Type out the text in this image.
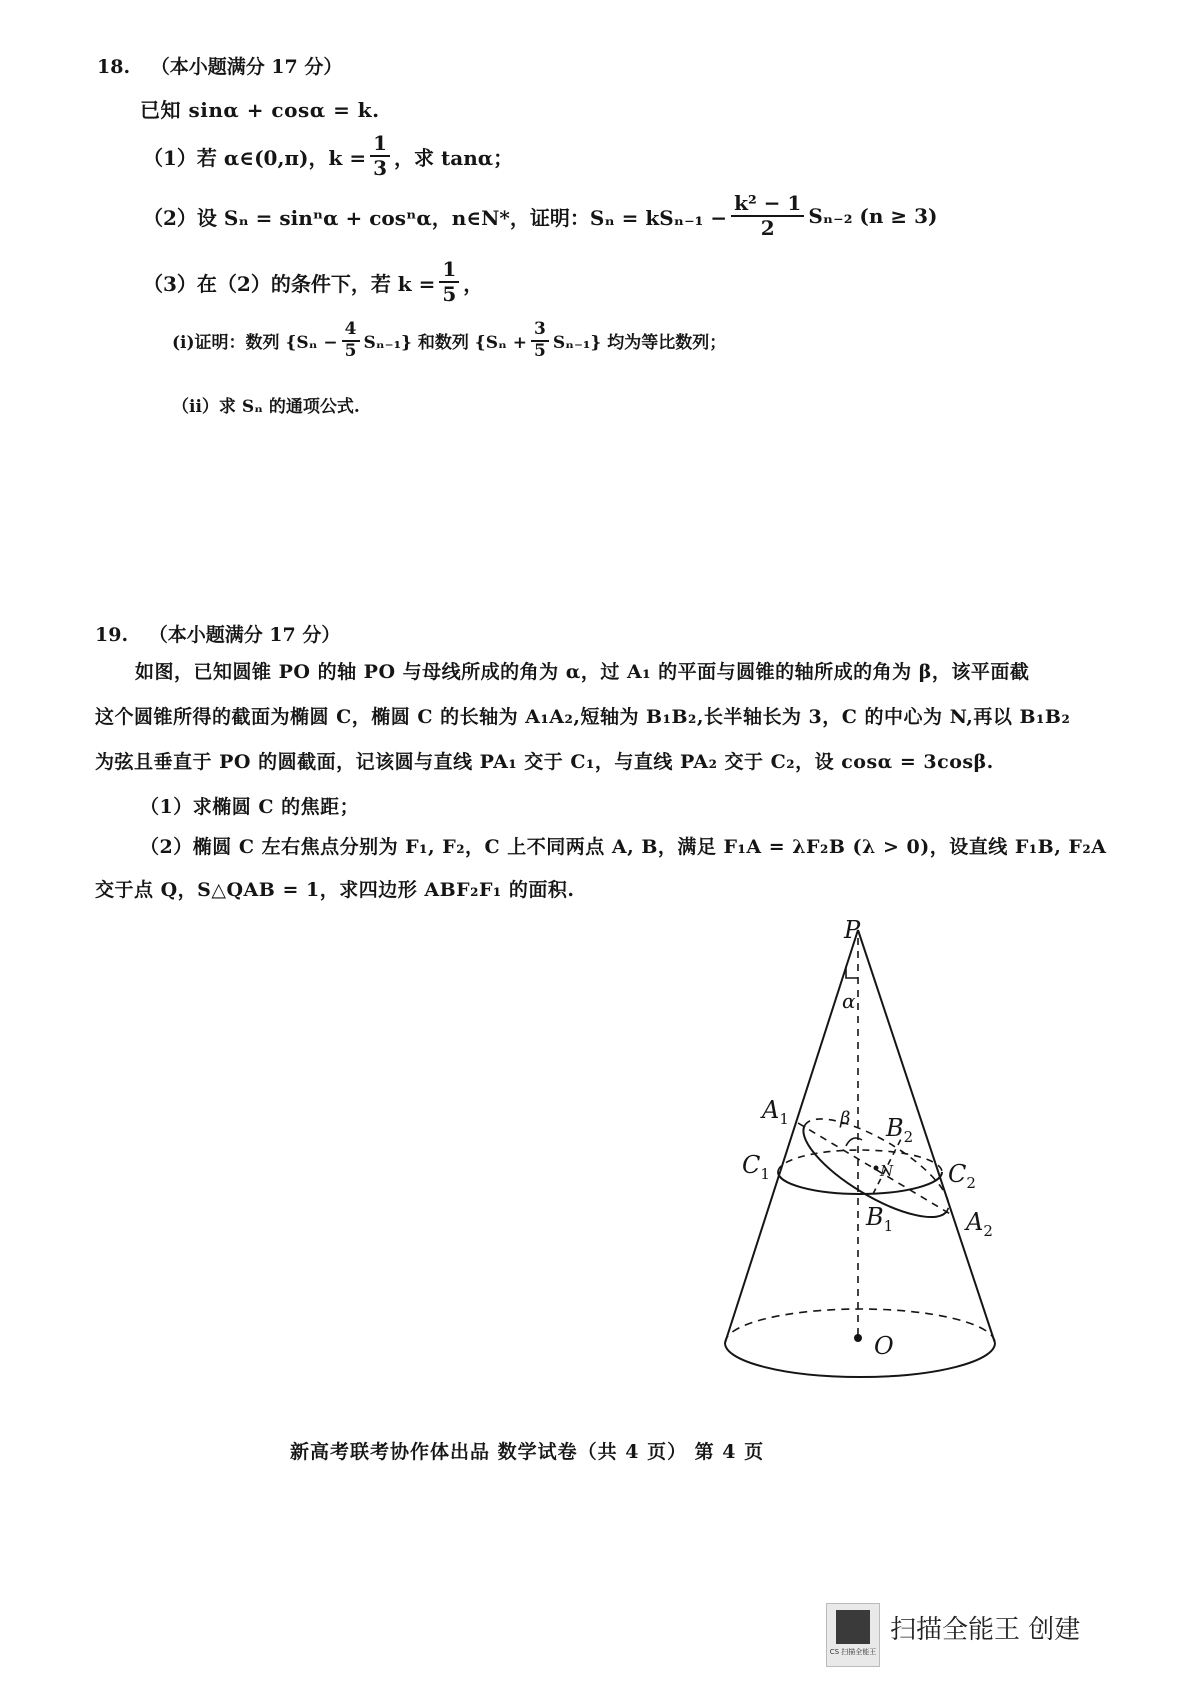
18. （本小题满分 17 分）
已知 sinα + cosα = k.
（1）若 α∈(0,π)，$k = \frac{1}{3}$ ，求 tanα；
（2）设 Sₙ = sinⁿα + cosⁿα，n∈N*，证明：$S_n = kS_{n-1} - \frac{\text{k² − 1}}{2} S_{n-2}$ (n ≥ 3)
（3）在（2）的条件下，若 $k = \frac{1}{5}$ ，
(i)证明：数列 $\{S_n - \frac{4}{5} S_{n-1}\}$ 和数列 $\{S_n + \frac{3}{5} S_{n-1}\}$ 均为等比数列；
（ii）求 Sₙ 的通项公式.
19. （本小题满分 17 分）
如图，已知圆锥 PO 的轴 PO 与母线所成的角为 α，过 A₁ 的平面与圆锥的轴所成的角为 β，该平面截
这个圆锥所得的截面为椭圆 C，椭圆 C 的长轴为 A₁A₂,短轴为 B₁B₂,长半轴长为 3，C 的中心为 N,再以 B₁B₂
为弦且垂直于 PO 的圆截面，记该圆与直线 PA₁ 交于 C₁，与直线 PA₂ 交于 C₂，设 cosα = 3cosβ.
（1）求椭圆 C 的焦距；
（2）椭圆 C 左右焦点分别为 F₁, F₂，C 上不同两点 A, B，满足 F₁A = λF₂B (λ > 0)，设直线 F₁B, F₂A
交于点 Q，S△QAB = 1，求四边形 ABF₂F₁ 的面积.
P
α
$A_1$	β $B_2$
$C_1$	N $C_2$
$B_1$	$A_2$
O
新高考联考协作体出品 数学试卷（共 4 页） 第 4 页
CS 扫描全能王
扫描全能王 创建
